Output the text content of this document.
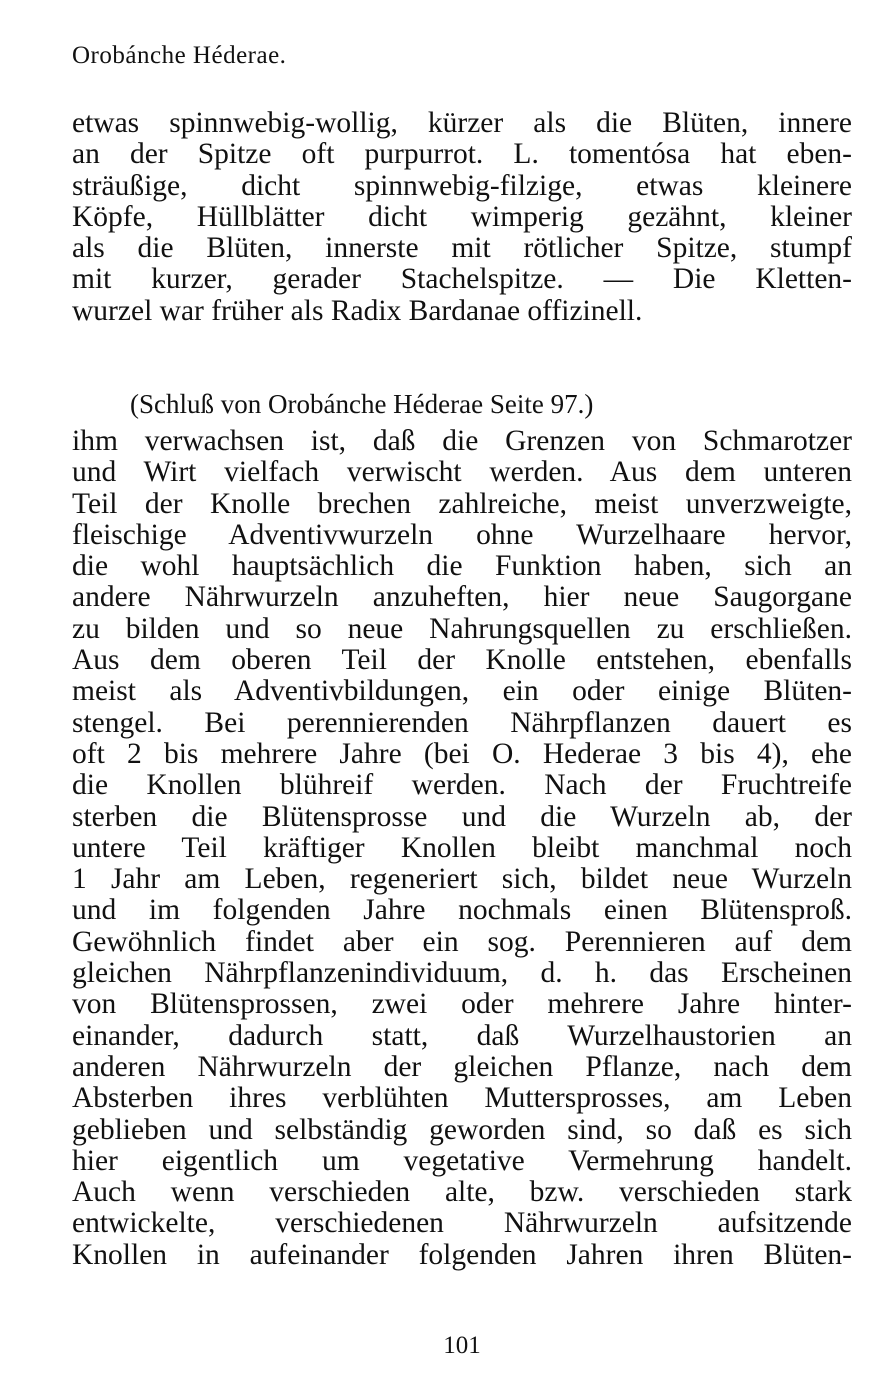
Orobánche Héderae.
etwas spinnwebig-wollig, kürzer als die Blüten, innere
an der Spitze oft purpurrot. L. tomentósa hat eben-
sträußige, dicht spinnwebig-filzige, etwas kleinere
Köpfe, Hüllblätter dicht wimperig gezähnt, kleiner
als die Blüten, innerste mit rötlicher Spitze, stumpf
mit kurzer, gerader Stachelspitze. — Die Kletten-
wurzel war früher als Radix Bardanae offizinell.
(Schluß von Orobánche Héderae Seite 97.)
ihm verwachsen ist, daß die Grenzen von Schmarotzer
und Wirt vielfach verwischt werden. Aus dem unteren
Teil der Knolle brechen zahlreiche, meist unverzweigte,
fleischige Adventivwurzeln ohne Wurzelhaare hervor,
die wohl hauptsächlich die Funktion haben, sich an
andere Nährwurzeln anzuheften, hier neue Saugorgane
zu bilden und so neue Nahrungsquellen zu erschließen.
Aus dem oberen Teil der Knolle entstehen, ebenfalls
meist als Adventivbildungen, ein oder einige Blüten-
stengel. Bei perennierenden Nährpflanzen dauert es
oft 2 bis mehrere Jahre (bei O. Hederae 3 bis 4), ehe
die Knollen blühreif werden. Nach der Fruchtreife
sterben die Blütensprosse und die Wurzeln ab, der
untere Teil kräftiger Knollen bleibt manchmal noch
1 Jahr am Leben, regeneriert sich, bildet neue Wurzeln
und im folgenden Jahre nochmals einen Blütensproß.
Gewöhnlich findet aber ein sog. Perennieren auf dem
gleichen Nährpflanzenindividuum, d. h. das Erscheinen
von Blütensprossen, zwei oder mehrere Jahre hinter-
einander, dadurch statt, daß Wurzelhaustorien an
anderen Nährwurzeln der gleichen Pflanze, nach dem
Absterben ihres verblühten Muttersprosses, am Leben
geblieben und selbständig geworden sind, so daß es sich
hier eigentlich um vegetative Vermehrung handelt.
Auch wenn verschieden alte, bzw. verschieden stark
entwickelte, verschiedenen Nährwurzeln aufsitzende
Knollen in aufeinander folgenden Jahren ihren Blüten-
101
